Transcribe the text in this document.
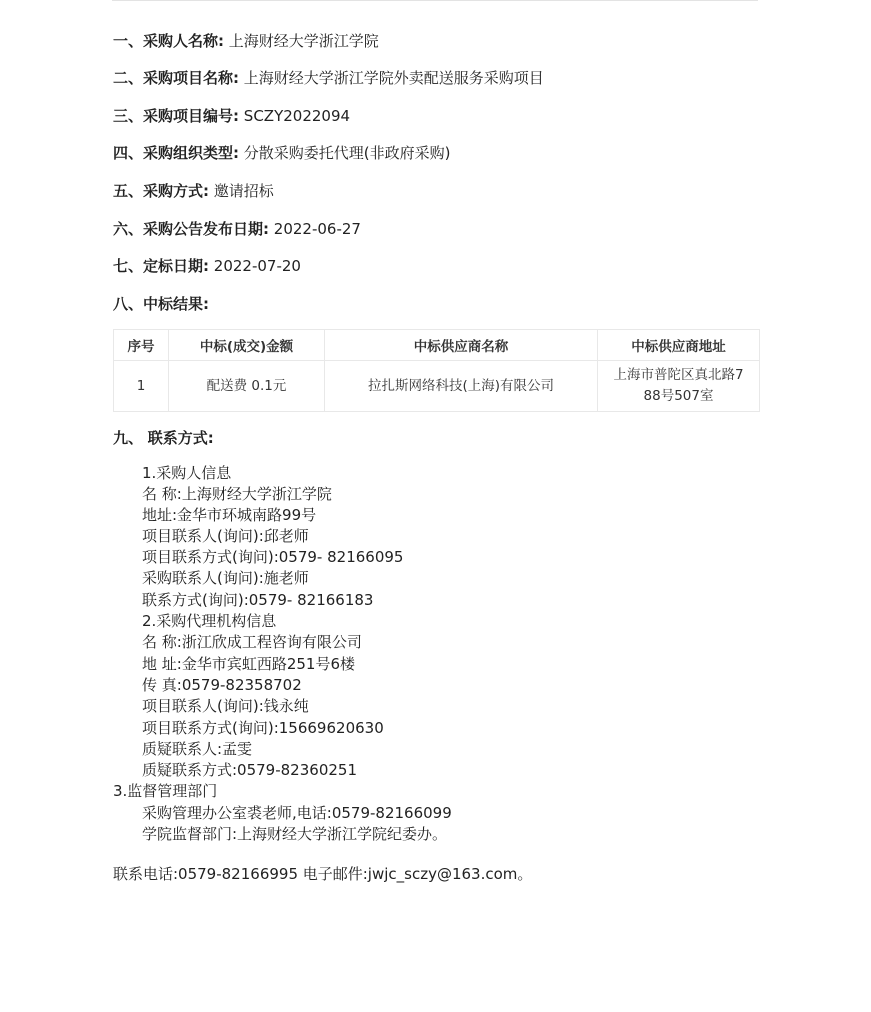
一、采购人名称: 上海财经大学浙江学院
二、采购项目名称: 上海财经大学浙江学院外卖配送服务采购项目
三、采购项目编号: SCZY2022094
四、采购组织类型: 分散采购委托代理(非政府采购)
五、采购方式: 邀请招标
六、采购公告发布日期: 2022-06-27
七、定标日期: 2022-07-20
八、中标结果:
序号	中标(成交)金额	中标供应商名称	中标供应商地址
1	配送费 0.1元	拉扎斯网络科技(上海)有限公司	上海市普陀区真北路7
88号507室
九、 联系方式:
1.采购人信息
名 称:上海财经大学浙江学院
地址:金华市环城南路99号
项目联系人(询问):邱老师
项目联系方式(询问):0579- 82166095
采购联系人(询问):施老师
联系方式(询问):0579- 82166183
2.采购代理机构信息
名 称:浙江欣成工程咨询有限公司
地 址:金华市宾虹西路251号6楼
传 真:0579-82358702
项目联系人(询问):钱永纯
项目联系方式(询问):15669620630
质疑联系人:孟雯
质疑联系方式:0579-82360251
3.监督管理部门
采购管理办公室裘老师,电话:0579-82166099
学院监督部门:上海财经大学浙江学院纪委办。
联系电话:0579-82166995 电子邮件:jwjc_sczy@163.com。
